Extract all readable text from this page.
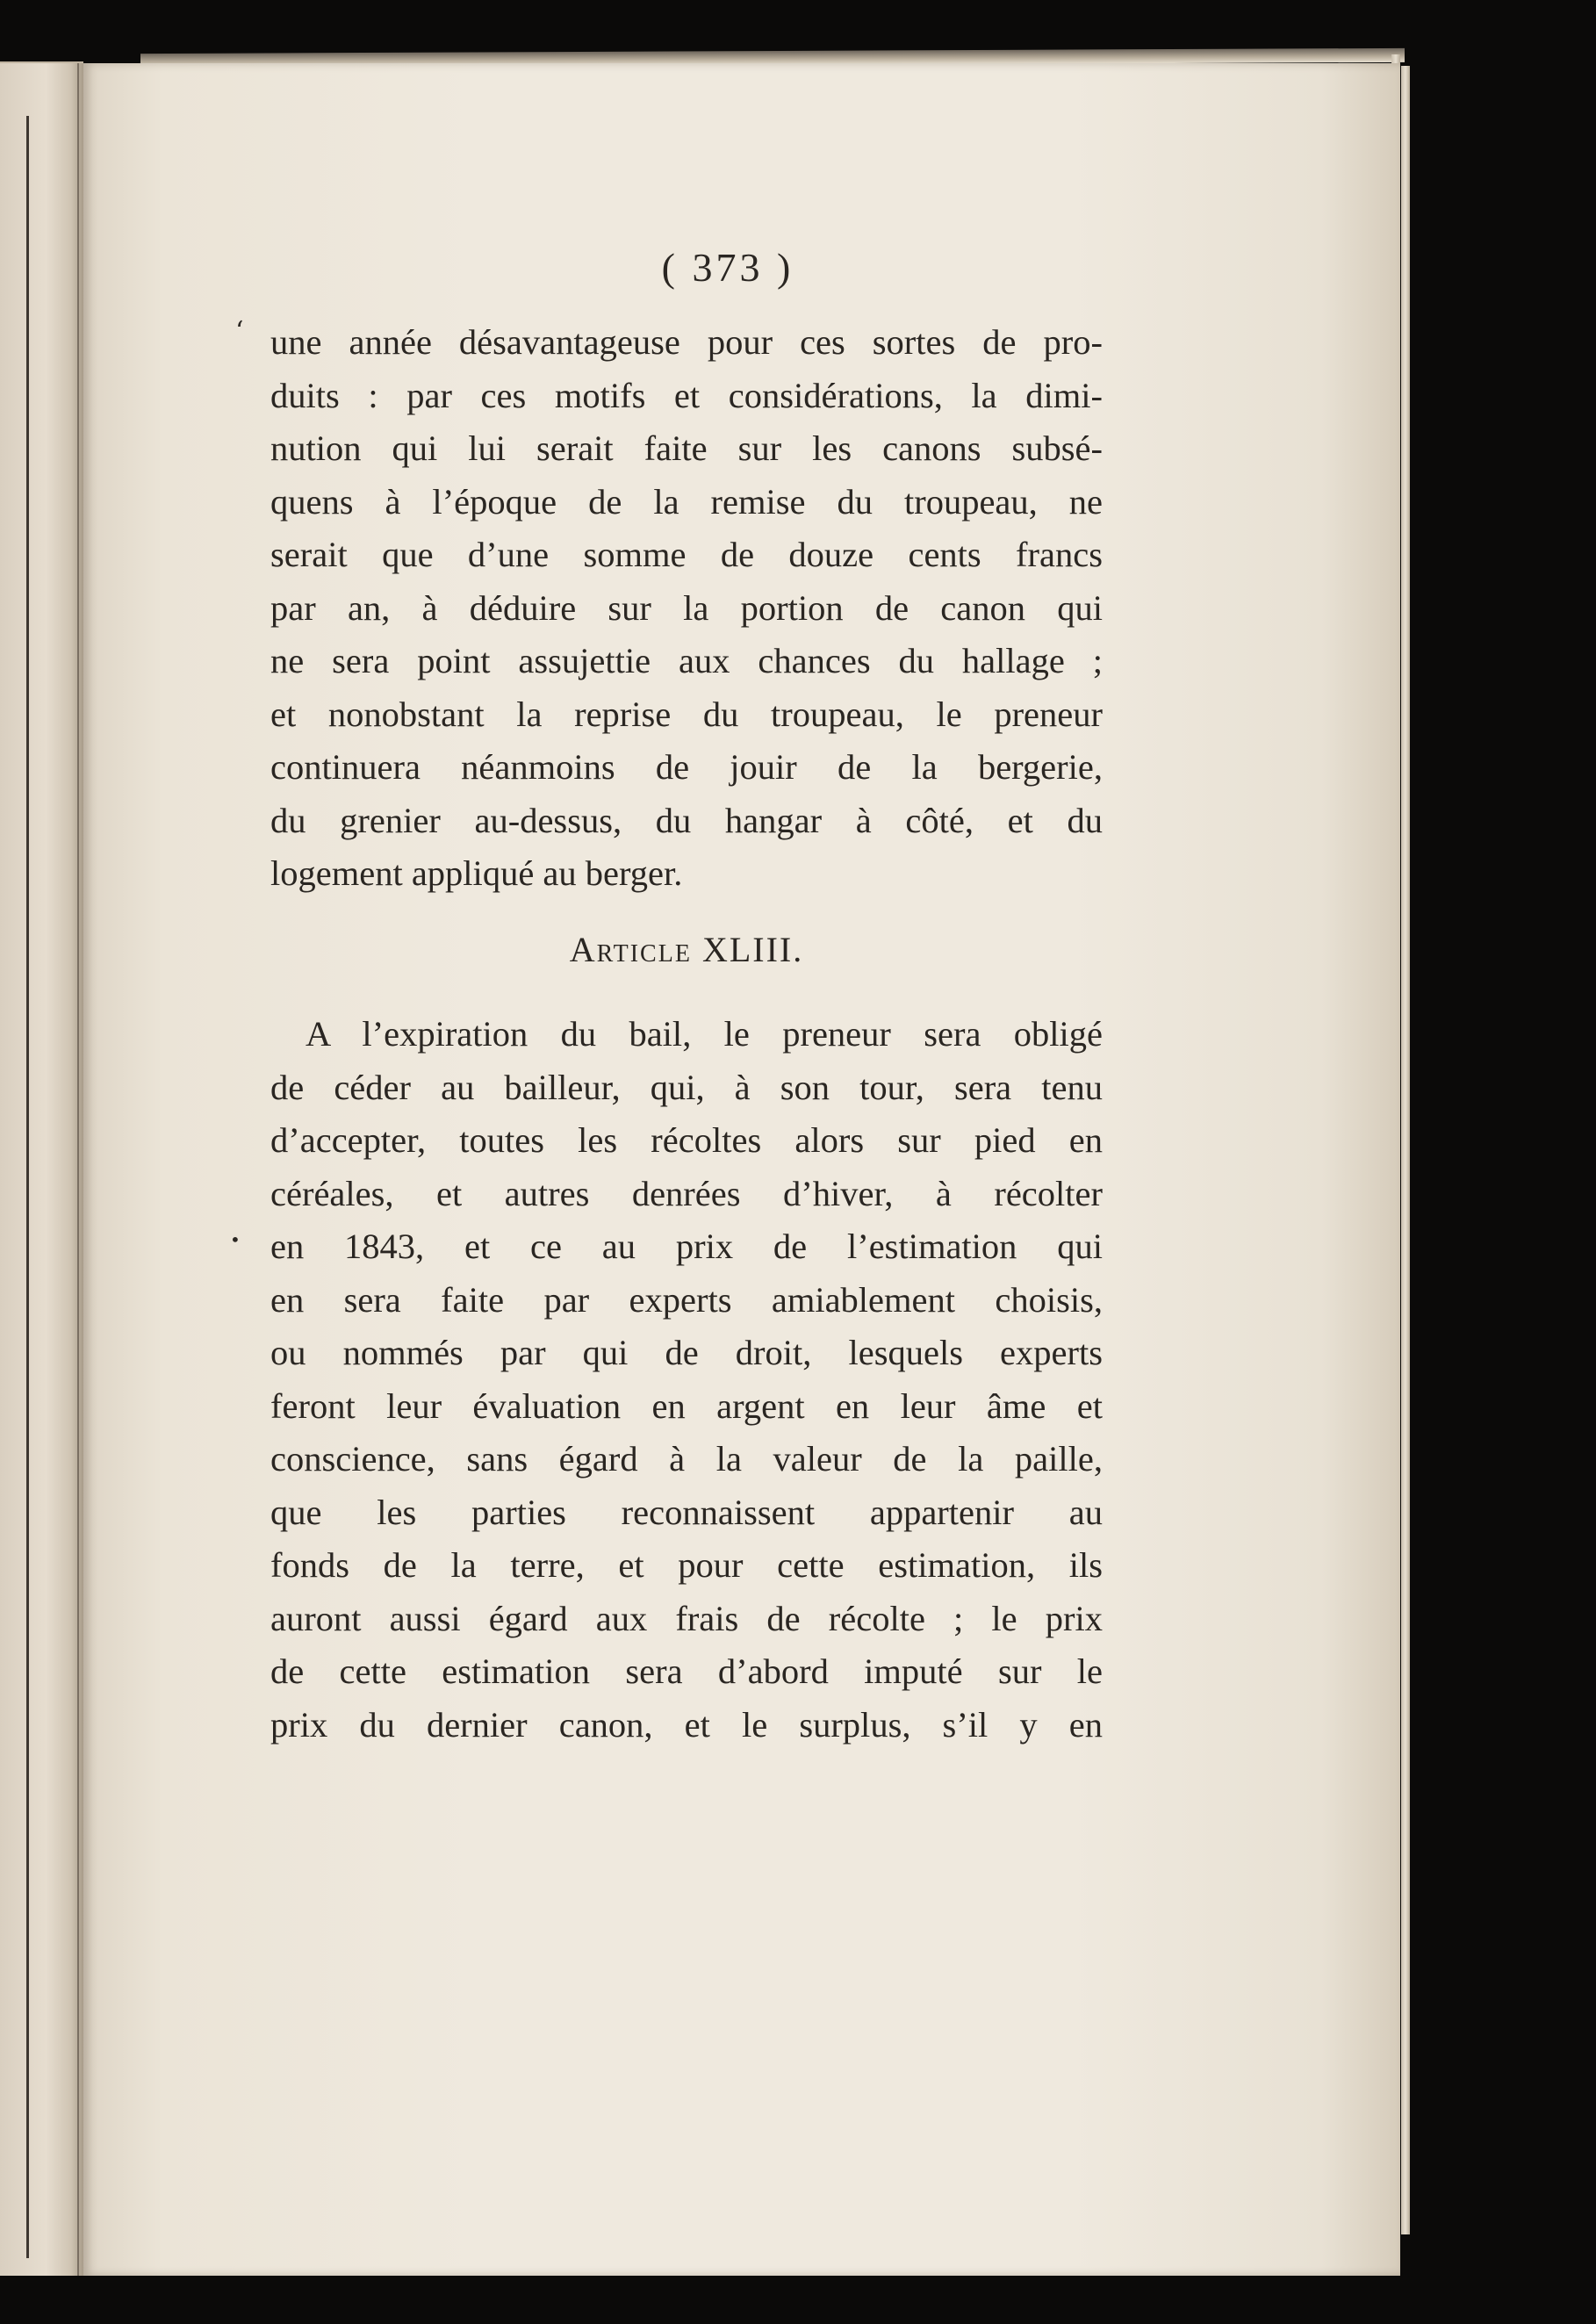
( 373 )
‘
•
une année désavantageuse pour ces sortes de pro-
duits : par ces motifs et considérations, la dimi-
nution qui lui serait faite sur les canons subsé-
quens à l’époque de la remise du troupeau, ne
serait que d’une somme de douze cents francs
par an, à déduire sur la portion de canon qui
ne sera point assujettie aux chances du hallage ;
et nonobstant la reprise du troupeau, le preneur
continuera néanmoins de jouir de la bergerie,
du grenier au-dessus, du hangar à côté, et du
logement appliqué au berger.
Article XLIII.
A l’expiration du bail, le preneur sera obligé
de céder au bailleur, qui, à son tour, sera tenu
d’accepter, toutes les récoltes alors sur pied en
céréales, et autres denrées d’hiver, à récolter
en 1843, et ce au prix de l’estimation qui
en sera faite par experts amiablement choisis,
ou nommés par qui de droit, lesquels experts
feront leur évaluation en argent en leur âme et
conscience, sans égard à la valeur de la paille,
que les parties reconnaissent appartenir au
fonds de la terre, et pour cette estimation, ils
auront aussi égard aux frais de récolte ; le prix
de cette estimation sera d’abord imputé sur le
prix du dernier canon, et le surplus, s’il y en
